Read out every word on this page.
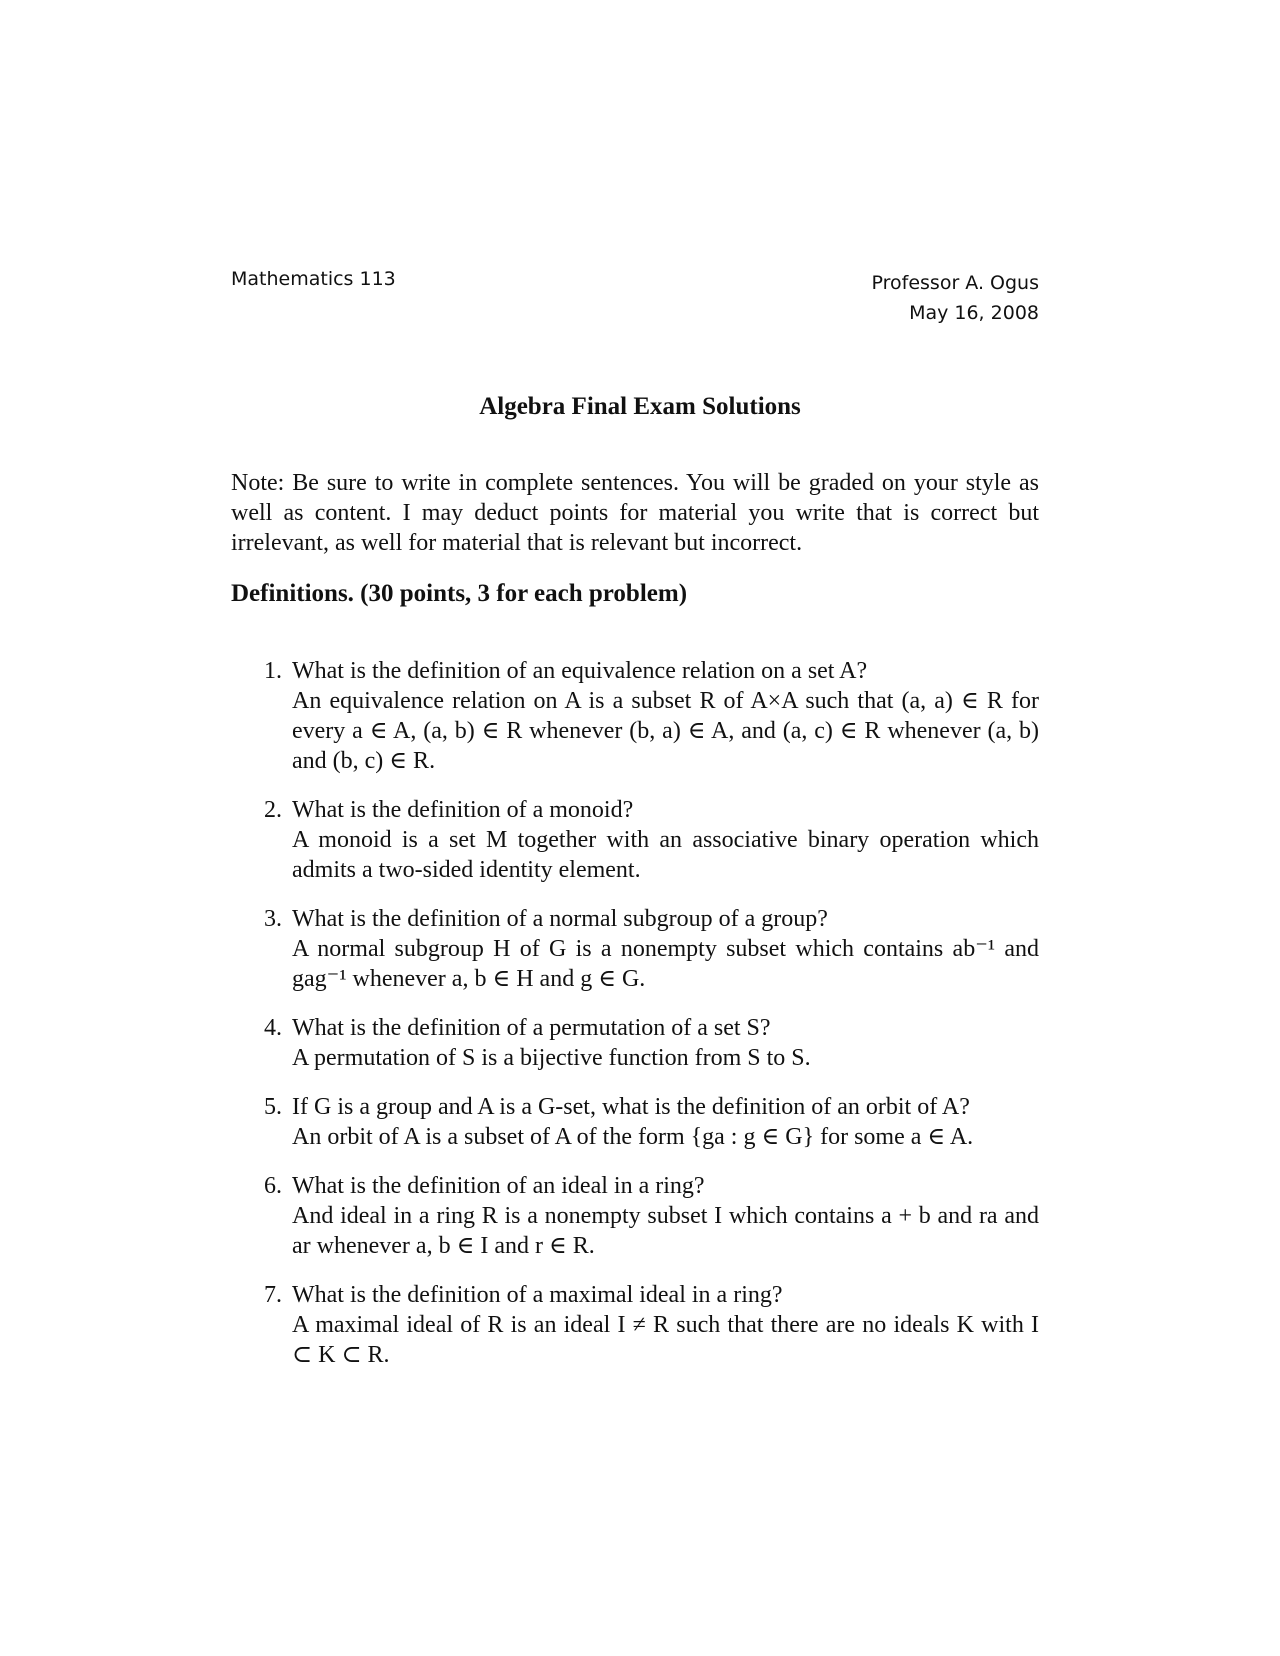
Mathematics 113	Professor A. Ogus
May 16, 2008
Algebra Final Exam Solutions
Note: Be sure to write in complete sentences. You will be graded on your style as well as content. I may deduct points for material you write that is correct but irrelevant, as well for material that is relevant but incorrect.
Definitions. (30 points, 3 for each problem)
1. What is the definition of an equivalence relation on a set A?
An equivalence relation on A is a subset R of A×A such that (a, a) ∈ R for every a ∈ A, (a, b) ∈ R whenever (b, a) ∈ A, and (a, c) ∈ R whenever (a, b) and (b, c) ∈ R.
2. What is the definition of a monoid?
A monoid is a set M together with an associative binary operation which admits a two-sided identity element.
3. What is the definition of a normal subgroup of a group?
A normal subgroup H of G is a nonempty subset which contains ab⁻¹ and gag⁻¹ whenever a, b ∈ H and g ∈ G.
4. What is the definition of a permutation of a set S?
A permutation of S is a bijective function from S to S.
5. If G is a group and A is a G-set, what is the definition of an orbit of A?
An orbit of A is a subset of A of the form {ga : g ∈ G} for some a ∈ A.
6. What is the definition of an ideal in a ring?
And ideal in a ring R is a nonempty subset I which contains a + b and ra and ar whenever a, b ∈ I and r ∈ R.
7. What is the definition of a maximal ideal in a ring?
A maximal ideal of R is an ideal I ≠ R such that there are no ideals K with I ⊂ K ⊂ R.
